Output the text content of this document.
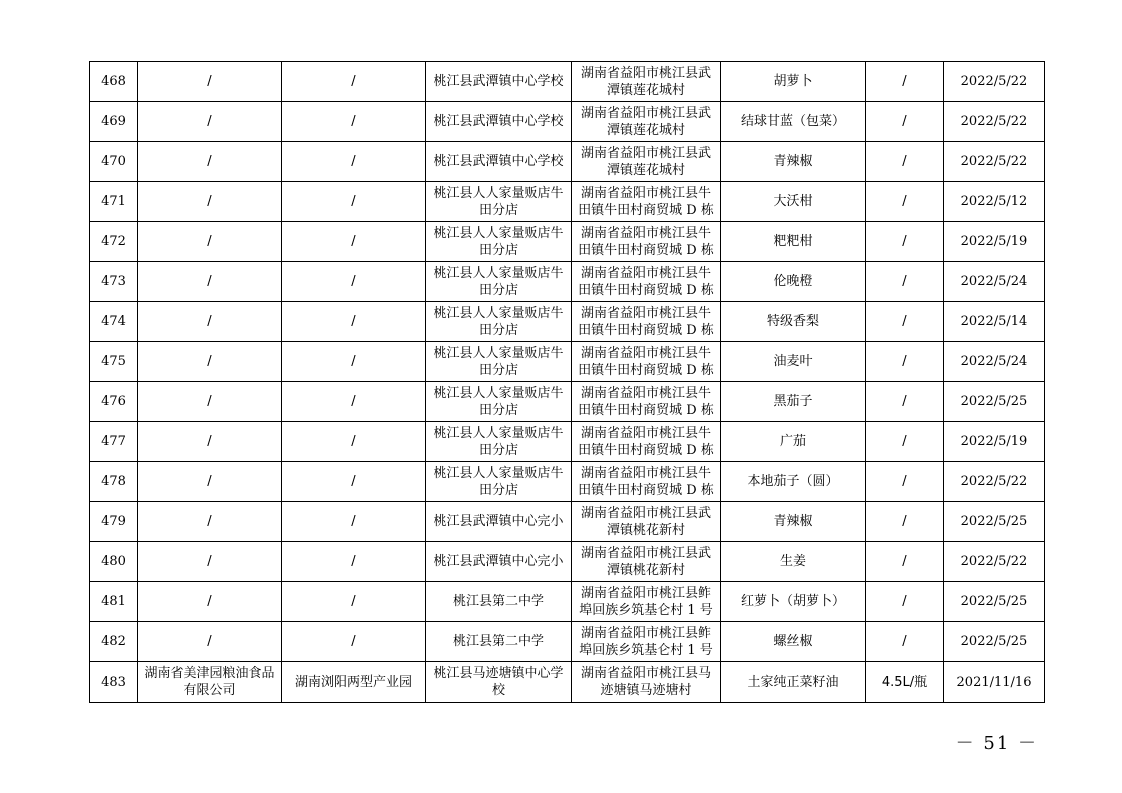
468	/	/	桃江县武潭镇中心学校	湖南省益阳市桃江县武潭镇莲花城村	胡萝卜	/	2022/5/22
469	/	/	桃江县武潭镇中心学校	湖南省益阳市桃江县武潭镇莲花城村	结球甘蓝（包菜）	/	2022/5/22
470	/	/	桃江县武潭镇中心学校	湖南省益阳市桃江县武潭镇莲花城村	青辣椒	/	2022/5/22
471	/	/	桃江县人人家量贩店牛田分店	湖南省益阳市桃江县牛田镇牛田村商贸城 D 栋	大沃柑	/	2022/5/12
472	/	/	桃江县人人家量贩店牛田分店	湖南省益阳市桃江县牛田镇牛田村商贸城 D 栋	粑粑柑	/	2022/5/19
473	/	/	桃江县人人家量贩店牛田分店	湖南省益阳市桃江县牛田镇牛田村商贸城 D 栋	伦晚橙	/	2022/5/24
474	/	/	桃江县人人家量贩店牛田分店	湖南省益阳市桃江县牛田镇牛田村商贸城 D 栋	特级香梨	/	2022/5/14
475	/	/	桃江县人人家量贩店牛田分店	湖南省益阳市桃江县牛田镇牛田村商贸城 D 栋	油麦叶	/	2022/5/24
476	/	/	桃江县人人家量贩店牛田分店	湖南省益阳市桃江县牛田镇牛田村商贸城 D 栋	黑茄子	/	2022/5/25
477	/	/	桃江县人人家量贩店牛田分店	湖南省益阳市桃江县牛田镇牛田村商贸城 D 栋	广茄	/	2022/5/19
478	/	/	桃江县人人家量贩店牛田分店	湖南省益阳市桃江县牛田镇牛田村商贸城 D 栋	本地茄子（圆）	/	2022/5/22
479	/	/	桃江县武潭镇中心完小	湖南省益阳市桃江县武潭镇桃花新村	青辣椒	/	2022/5/25
480	/	/	桃江县武潭镇中心完小	湖南省益阳市桃江县武潭镇桃花新村	生姜	/	2022/5/22
481	/	/	桃江县第二中学	湖南省益阳市桃江县鲊埠回族乡筑基仑村 1 号	红萝卜（胡萝卜）	/	2022/5/25
482	/	/	桃江县第二中学	湖南省益阳市桃江县鲊埠回族乡筑基仑村 1 号	螺丝椒	/	2022/5/25
483	湖南省美津园粮油食品有限公司	湖南浏阳两型产业园	桃江县马迹塘镇中心学校	湖南省益阳市桃江县马迹塘镇马迹塘村	土家纯正菜籽油	4.5L/瓶	2021/11/16
－ 51 －
